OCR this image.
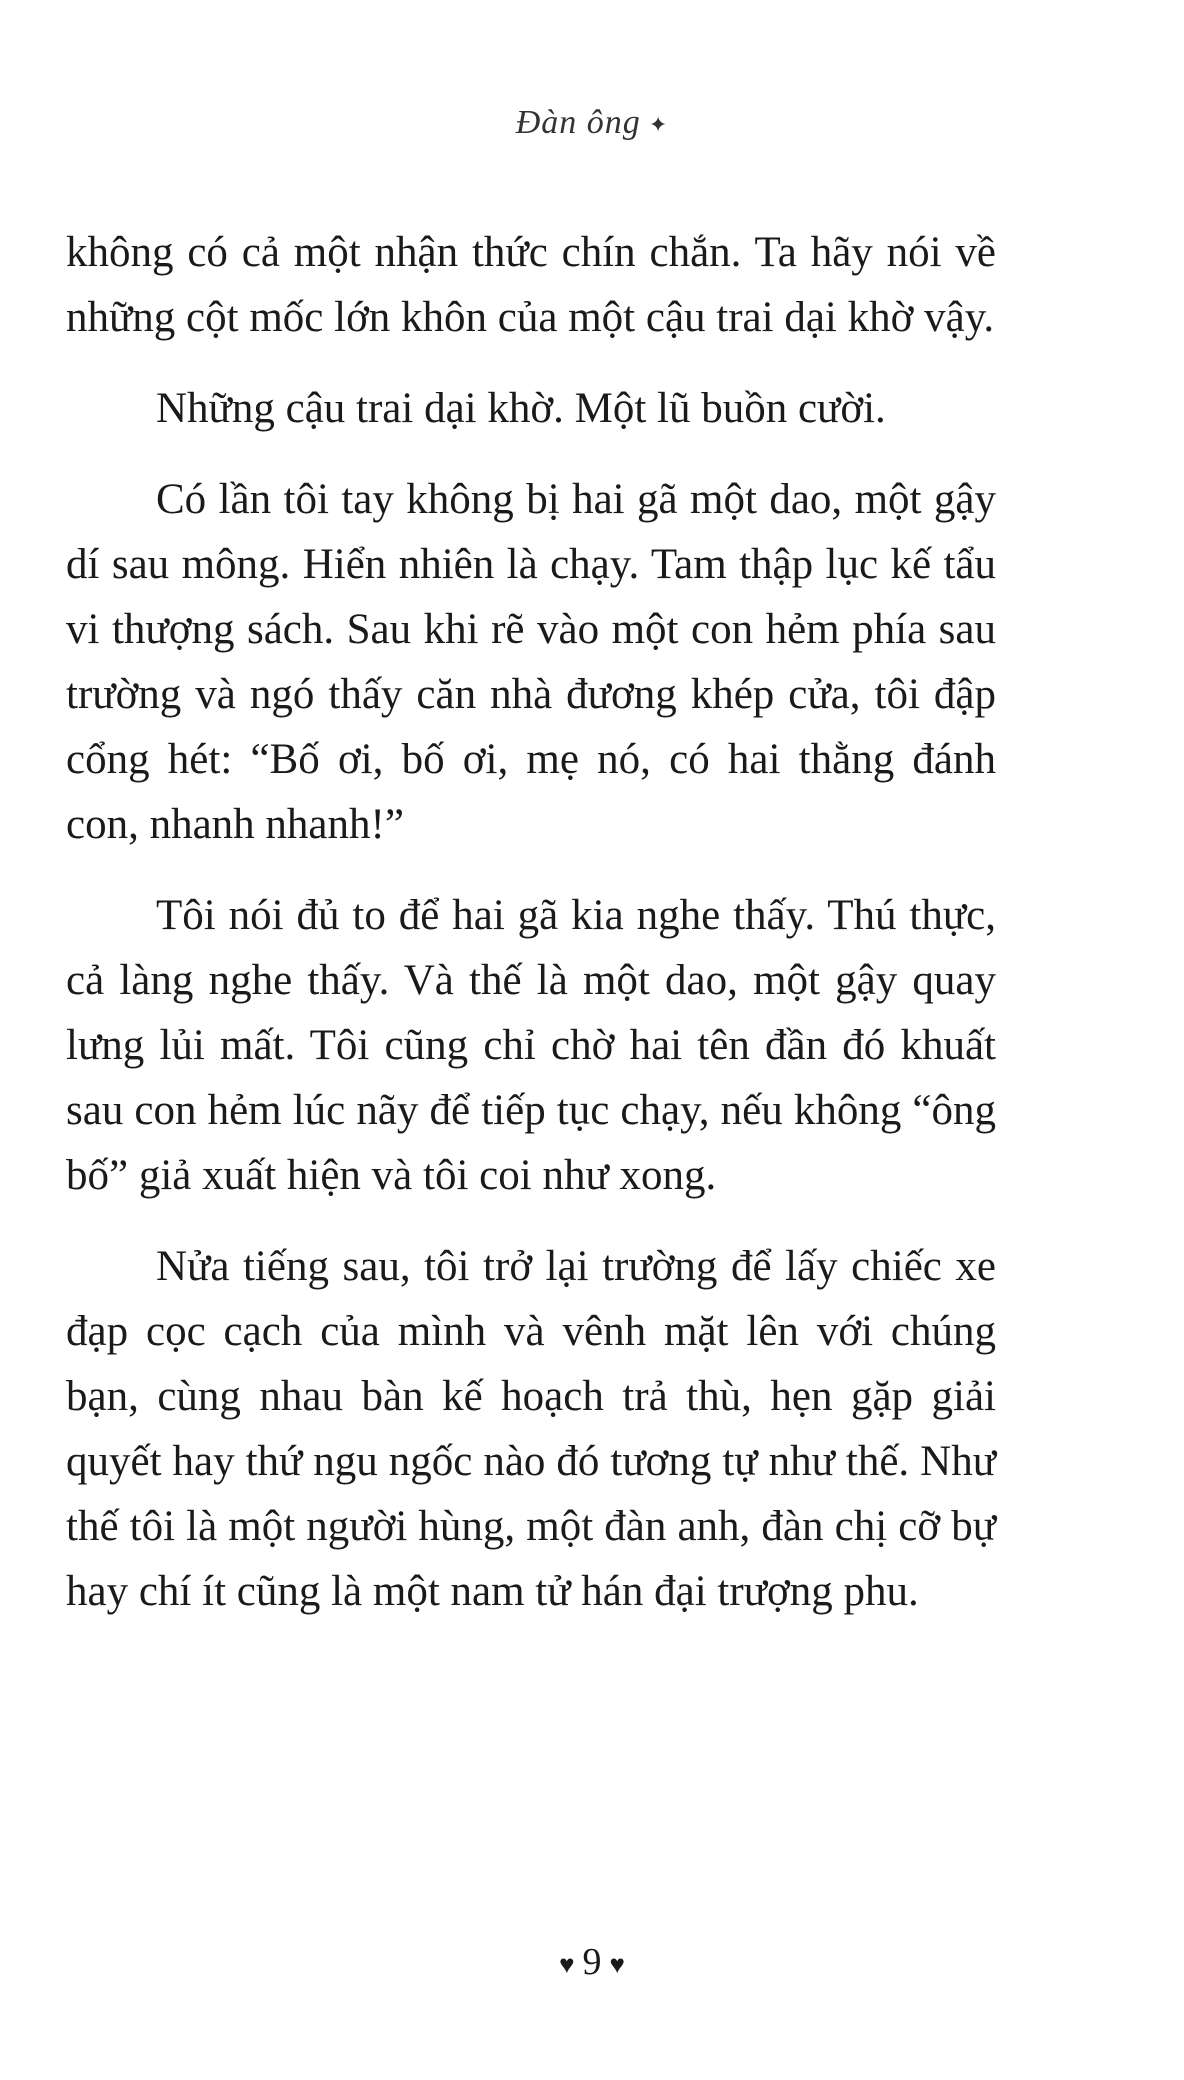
Đàn ông ✦

không có cả một nhận thức chín chắn. Ta hãy nói về những cột mốc lớn khôn của một cậu trai dại khờ vậy.

Những cậu trai dại khờ. Một lũ buồn cười.

Có lần tôi tay không bị hai gã một dao, một gậy dí sau mông. Hiển nhiên là chạy. Tam thập lục kế tẩu vi thượng sách. Sau khi rẽ vào một con hẻm phía sau trường và ngó thấy căn nhà đương khép cửa, tôi đập cổng hét: “Bố ơi, bố ơi, mẹ nó, có hai thằng đánh con, nhanh nhanh!”

Tôi nói đủ to để hai gã kia nghe thấy. Thú thực, cả làng nghe thấy. Và thế là một dao, một gậy quay lưng lủi mất. Tôi cũng chỉ chờ hai tên đần đó khuất sau con hẻm lúc nãy để tiếp tục chạy, nếu không “ông bố” giả xuất hiện và tôi coi như xong.

Nửa tiếng sau, tôi trở lại trường để lấy chiếc xe đạp cọc cạch của mình và vênh mặt lên với chúng bạn, cùng nhau bàn kế hoạch trả thù, hẹn gặp giải quyết hay thứ ngu ngốc nào đó tương tự như thế. Như thế tôi là một người hùng, một đàn anh, đàn chị cỡ bự hay chí ít cũng là một nam tử hán đại trượng phu.

♥ 9 ♥
